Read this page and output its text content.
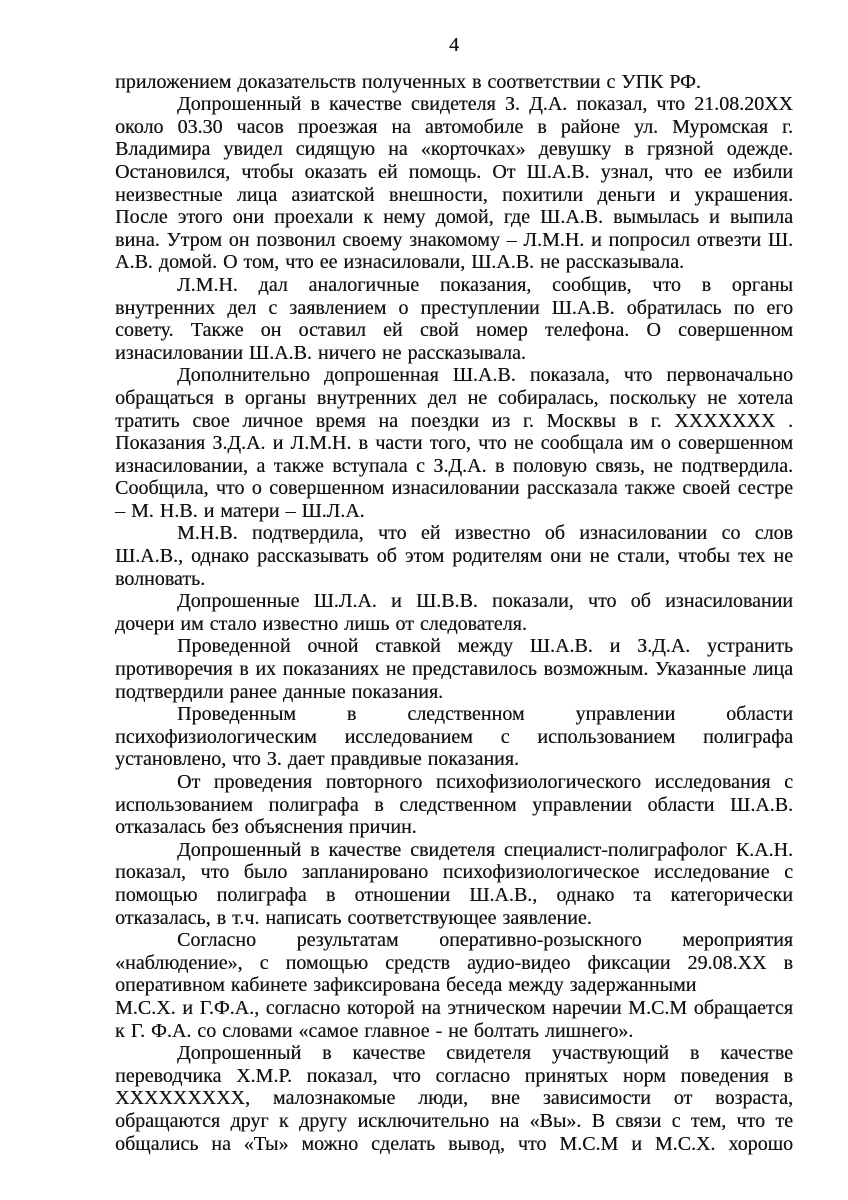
4

приложением доказательств полученных в соответствии с УПК РФ.

Допрошенный в качестве свидетеля З. Д.А. показал, что 21.08.20ХХ около 03.30 часов проезжая на автомобиле в районе ул. Муромская г. Владимира увидел сидящую на «корточках» девушку в грязной одежде. Остановился, чтобы оказать ей помощь. От Ш.А.В. узнал, что ее избили неизвестные лица азиатской внешности, похитили деньги и украшения. После этого они проехали к нему домой, где Ш.А.В. вымылась и выпила вина. Утром он позвонил своему знакомому – Л.М.Н. и попросил отвезти Ш. А.В. домой. О том, что ее изнасиловали, Ш.А.В. не рассказывала.

Л.М.Н. дал аналогичные показания, сообщив, что в органы внутренних дел с заявлением о преступлении Ш.А.В. обратилась по его совету. Также он оставил ей свой номер телефона. О совершенном изнасиловании Ш.А.В. ничего не рассказывала.

Дополнительно допрошенная Ш.А.В. показала, что первоначально обращаться в органы внутренних дел не собиралась, поскольку не хотела тратить свое личное время на поездки из г. Москвы в г. ХХХХХХХ . Показания З.Д.А. и Л.М.Н. в части того, что не сообщала им о совершенном изнасиловании, а также вступала с З.Д.А. в половую связь, не подтвердила. Сообщила, что о совершенном изнасиловании рассказала также своей сестре – М. Н.В. и матери – Ш.Л.А.

М.Н.В. подтвердила, что ей известно об изнасиловании со слов Ш.А.В., однако рассказывать об этом родителям они не стали, чтобы тех не волновать.

Допрошенные Ш.Л.А. и Ш.В.В. показали, что об изнасиловании дочери им стало известно лишь от следователя.

Проведенной очной ставкой между Ш.А.В. и З.Д.А. устранить противоречия в их показаниях не представилось возможным. Указанные лица подтвердили ранее данные показания.

Проведенным в следственном управлении области психофизиологическим исследованием с использованием полиграфа установлено, что З. дает правдивые показания.

От проведения повторного психофизиологического исследования с использованием полиграфа в следственном управлении области Ш.А.В. отказалась без объяснения причин.

Допрошенный в качестве свидетеля специалист-полиграфолог К.А.Н. показал, что было запланировано психофизиологическое исследование с помощью полиграфа в отношении Ш.А.В., однако та категорически отказалась, в т.ч. написать соответствующее заявление.

Согласно результатам оперативно-розыскного мероприятия «наблюдение», с помощью средств аудио-видео фиксации 29.08.ХХ в оперативном кабинете зафиксирована беседа между задержанными

М.С.Х. и Г.Ф.А., согласно которой на этническом наречии М.С.М обращается к Г. Ф.А. со словами «самое главное - не болтать лишнего».

Допрошенный в качестве свидетеля участвующий в качестве переводчика Х.М.Р. показал, что согласно принятых норм поведения в ХХХХХХХХХ, малознакомые люди, вне зависимости от возраста, обращаются друг к другу исключительно на «Вы». В связи с тем, что те общались на «Ты» можно сделать вывод, что М.С.М и М.С.Х. хорошо
